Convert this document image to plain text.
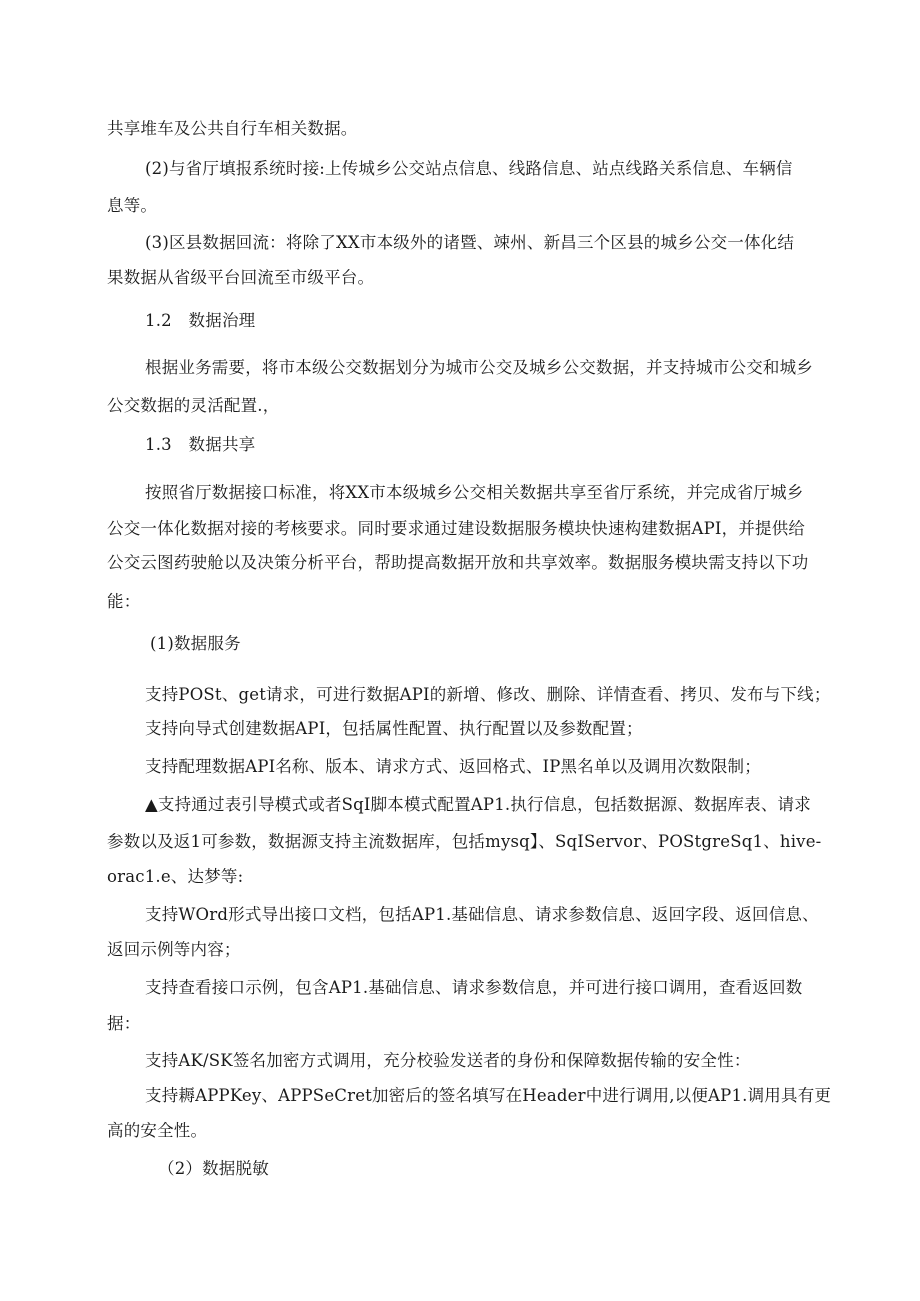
共享堆车及公共自行车相关数据。
(2)与省厅填报系统时接:上传城乡公交站点信息、线路信息、站点线路关系信息、车辆信
息等。
(3)区县数据回流：将除了XX市本级外的诸暨、竦州、新昌三个区县的城乡公交一体化结
果数据从省级平台回流至市级平台。
1.2　数据治理
根据业务需要，将市本级公交数据划分为城市公交及城乡公交数据，并支持城市公交和城乡
公交数据的灵活配置.，
1.3　数据共享
按照省厅数据接口标准，将XX市本级城乡公交相关数据共享至省厅系统，并完成省厅城乡
公交一体化数据对接的考核要求。同时要求通过建设数据服务模块快速构建数据API，并提供给
公交云图药驶舱以及决策分析平台，帮助提高数据开放和共享效率。数据服务模块需支持以下功
能：
(1)数据服务
支持POSt、get请求，可进行数据API的新增、修改、删除、详情查看、拷贝、发布与下线；
支持向导式创建数据API，包括属性配置、执行配置以及参数配置；
支持配理数据API名称、版本、请求方式、返回格式、IP黑名单以及调用次数限制；
▲支持通过表引导模式或者SqI脚本模式配置AP1.执行信息，包括数据源、数据库表、请求
参数以及返1可参数，数据源支持主流数据库，包括mysq】、SqIServor、POStgreSq1、hive-
orac1.e、达梦等:
支持WOrd形式导出接口文档，包括AP1.基础信息、请求参数信息、返回字段、返回信息、
返回示例等内容；
支持查看接口示例，包含AP1.基础信息、请求参数信息，并可进行接口调用，查看返回数
据：
支持AK/SK签名加密方式调用，充分校验发送者的身份和保障数据传输的安全性：
支持耨APPKey、APPSeCret加密后的签名填写在Header中进行调用,以便AP1.调用具有更
高的安全性。
（2）数据脱敏
